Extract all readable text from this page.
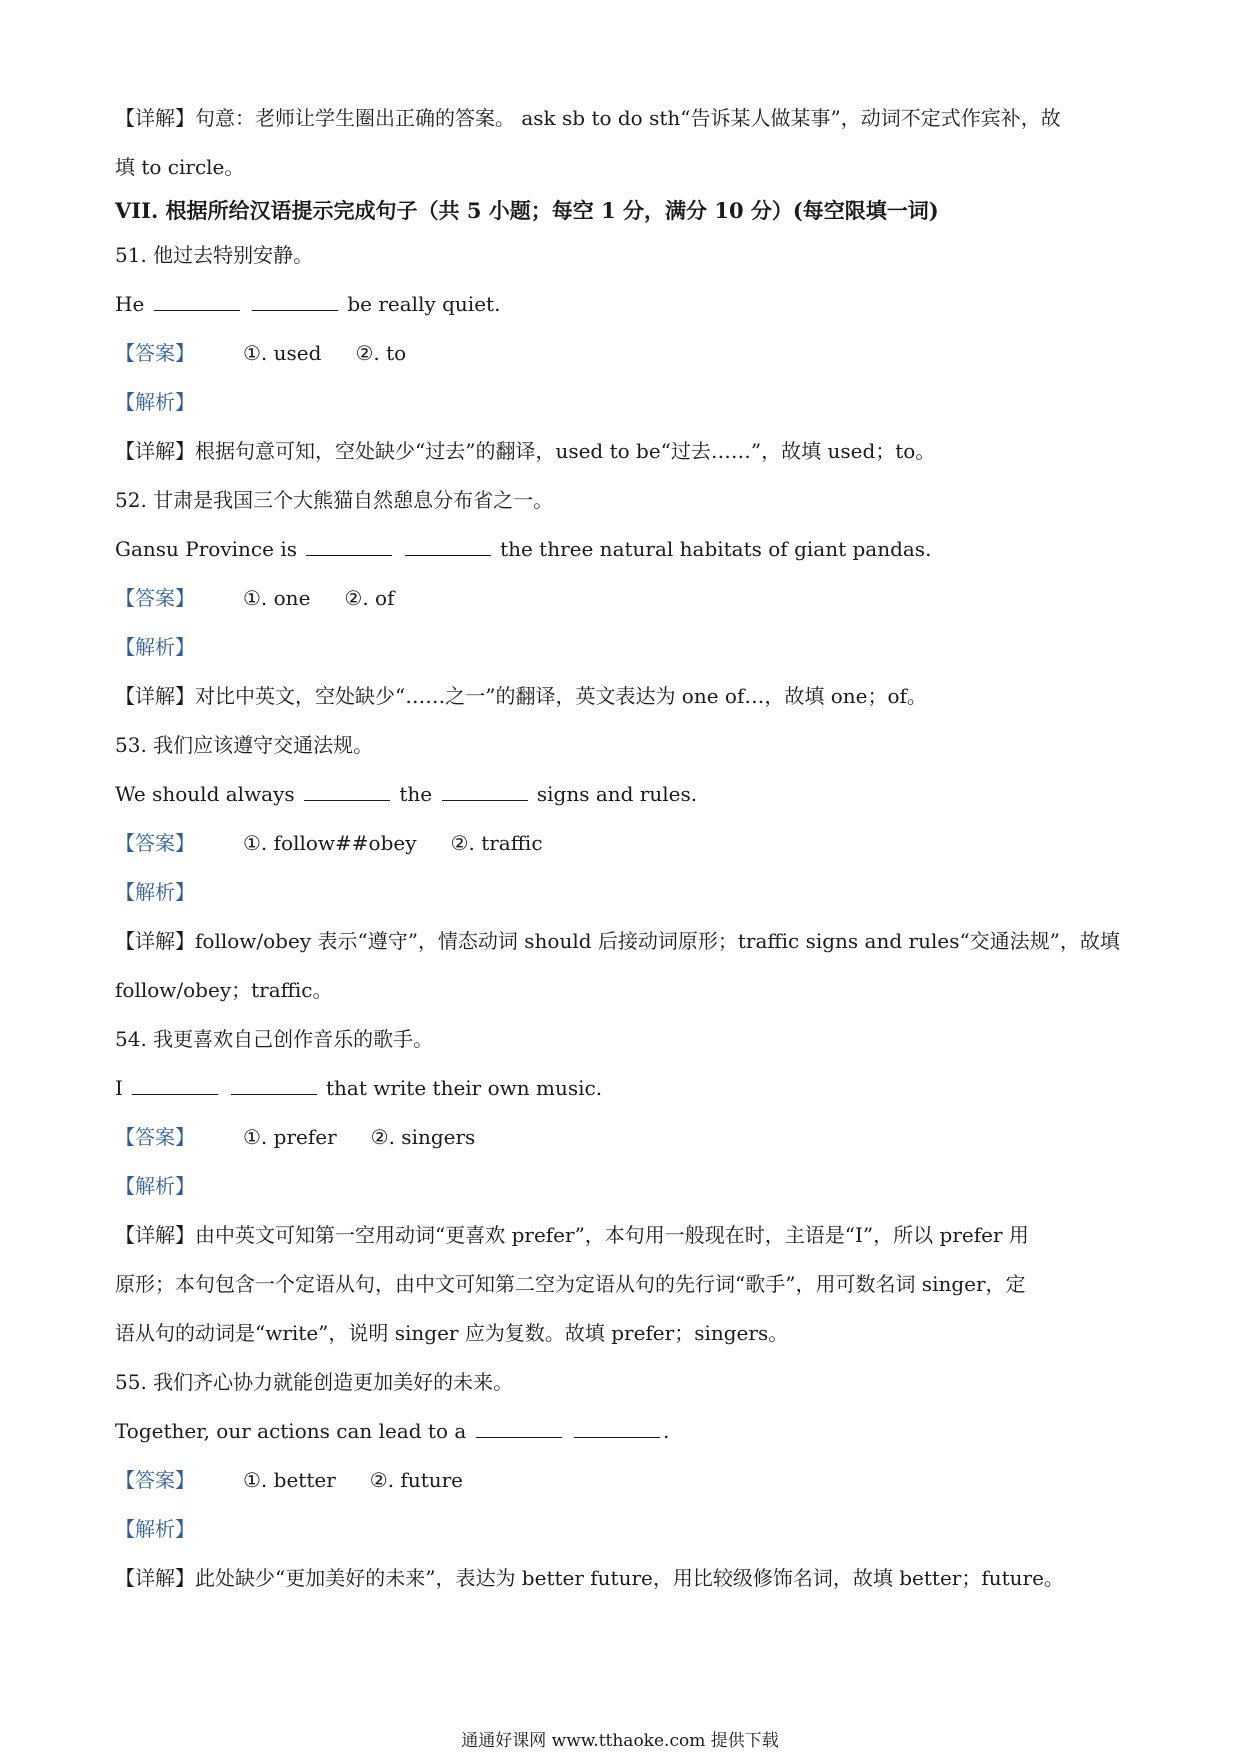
【详解】句意：老师让学生圈出正确的答案。 ask sb to do sth“告诉某人做某事”，动词不定式作宾补，故
填 to circle。
VII. 根据所给汉语提示完成句子（共 5 小题；每空 1 分，满分 10 分）(每空限填一词)
51. 他过去特别安静。
He	be really quiet.
【答案】 ①. used ②. to
【解析】
【详解】根据句意可知，空处缺少“过去”的翻译，used to be“过去……”，故填 used；to。
52. 甘肃是我国三个大熊猫自然憩息分布省之一。
Gansu Province is	the three natural habitats of giant pandas.
【答案】 ①. one ②. of
【解析】
【详解】对比中英文，空处缺少“……之一”的翻译，英文表达为 one of…，故填 one；of。
53. 我们应该遵守交通法规。
We should always	the	signs and rules.
【答案】 ①. follow##obey ②. traffic
【解析】
【详解】follow/obey 表示“遵守”，情态动词 should 后接动词原形；traffic signs and rules“交通法规”，故填
follow/obey；traffic。
54. 我更喜欢自己创作音乐的歌手。
I	that write their own music.
【答案】 ①. prefer ②. singers
【解析】
【详解】由中英文可知第一空用动词“更喜欢 prefer”，本句用一般现在时，主语是“I”，所以 prefer 用
原形；本句包含一个定语从句，由中文可知第二空为定语从句的先行词“歌手”，用可数名词 singer，定
语从句的动词是“write”，说明 singer 应为复数。故填 prefer；singers。
55. 我们齐心协力就能创造更加美好的未来。
Together, our actions can lead to a	.
【答案】 ①. better ②. future
【解析】
【详解】此处缺少“更加美好的未来”，表达为 better future，用比较级修饰名词，故填 better；future。
通通好课网 www.tthaoke.com 提供下载
